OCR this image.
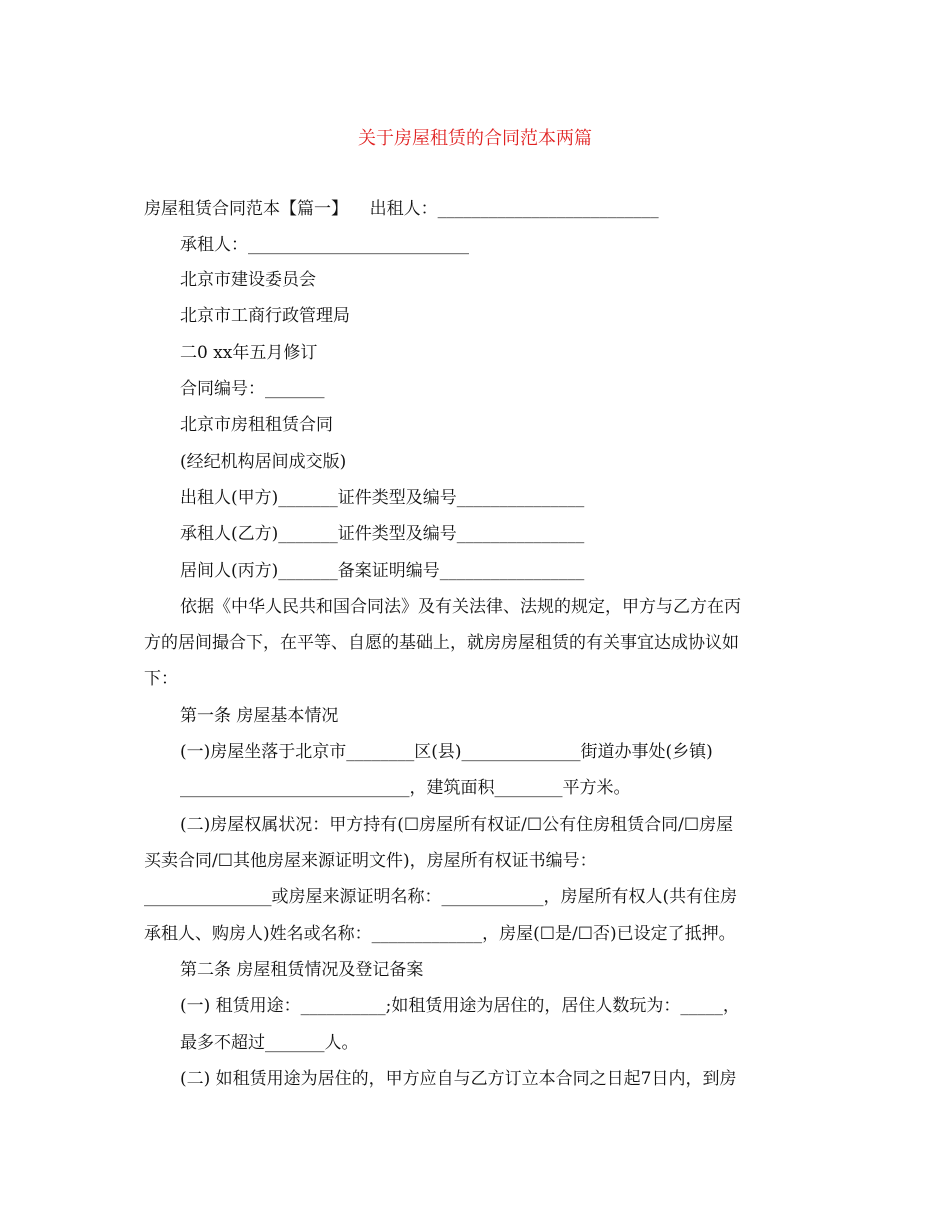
关于房屋租赁的合同范本两篇
房屋租赁合同范本【篇一】    出租人：__________________________
承租人：__________________________
北京市建设委员会
北京市工商行政管理局
二0 xx年五月修订
合同编号：_______
北京市房租租赁合同
(经纪机构居间成交版)
出租人(甲方)_______证件类型及编号_______________
承租人(乙方)_______证件类型及编号_______________
居间人(丙方)_______备案证明编号_________________
依据《中华人民共和国合同法》及有关法律、法规的规定，甲方与乙方在丙
方的居间撮合下，在平等、自愿的基础上，就房房屋租赁的有关事宜达成协议如
下：
第一条 房屋基本情况
(一)房屋坐落于北京市________区(县)______________街道办事处(乡镇)
___________________________，建筑面积________平方米。
(二)房屋权属状况：甲方持有(☐房屋所有权证/☐公有住房租赁合同/☐房屋
买卖合同/☐其他房屋来源证明文件)，房屋所有权证书编号：
_______________或房屋来源证明名称：____________，房屋所有权人(共有住房
承租人、购房人)姓名或名称：_____________，房屋(☐是/☐否)已设定了抵押。
第二条 房屋租赁情况及登记备案
(一) 租赁用途：__________;如租赁用途为居住的，居住人数玩为：_____，
最多不超过_______人。
(二) 如租赁用途为居住的，甲方应自与乙方订立本合同之日起7日内，到房
